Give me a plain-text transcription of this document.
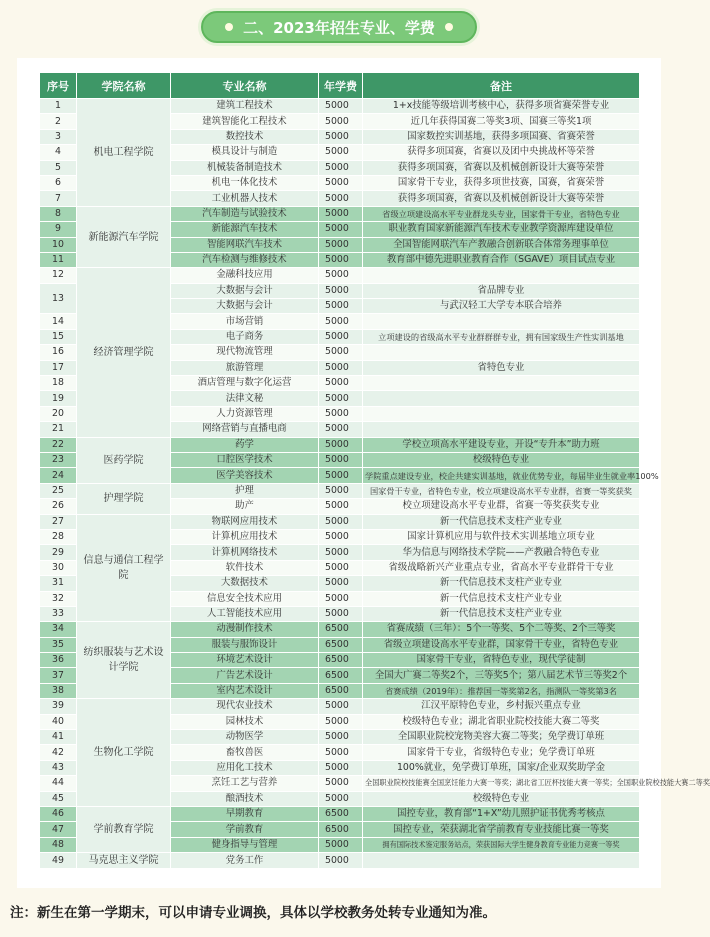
二、2023年招生专业、学费
序号	学院名称	专业名称	年学费	备注
1	机电工程学院	建筑工程技术	5000	1+x技能等级培训考核中心，获得多项省赛荣誉专业
2		建筑智能化工程技术	5000	近几年获得国赛二等奖3项、国赛三等奖1项
3		数控技术	5000	国家数控实训基地，获得多项国赛、省赛荣誉
4		模具设计与制造	5000	获得多项国赛，省赛以及团中央挑战杯等荣誉
5		机械装备制造技术	5000	获得多项国赛，省赛以及机械创新设计大赛等荣誉
6		机电一体化技术	5000	国家骨干专业，获得多项世技赛，国赛，省赛荣誉
7		工业机器人技术	5000	获得多项国赛，省赛以及机械创新设计大赛等荣誉
8	新能源汽车学院	汽车制造与试验技术	5000	省级立项建设高水平专业群龙头专业，国家骨干专业，省特色专业
9		新能源汽车技术	5000	职业教育国家新能源汽车技术专业教学资源库建设单位
10		智能网联汽车技术	5000	全国智能网联汽车产教融合创新联合体常务理事单位
11		汽车检测与维修技术	5000	教育部中德先进职业教育合作（SGAVE）项目试点专业
12	经济管理学院	金融科技应用	5000	
13		大数据与会计	5000	省品牌专业
		大数据与会计	5000	与武汉轻工大学专本联合培养
14		市场营销	5000	
15		电子商务	5000	立项建设的省级高水平专业群群群专业，拥有国家级生产性实训基地
16		现代物流管理	5000	
17		旅游管理	5000	省特色专业
18		酒店管理与数字化运营	5000	
19		法律文秘	5000	
20		人力资源管理	5000	
21		网络营销与直播电商	5000	
22	医药学院	药学	5000	学校立项高水平建设专业，开设“专升本”助力班
23		口腔医学技术	5000	校级特色专业
24		医学美容技术	5000	学院重点建设专业，校企共建实训基地，就业优势专业，每届毕业生就业率100%
25	护理学院	护理	5000	国家骨干专业，省特色专业，校立项建设高水平专业群，省赛一等奖获奖
26		助产	5000	校立项建设高水平专业群，省赛一等奖获奖专业
27	信息与通信工程学院	物联网应用技术	5000	新一代信息技术支柱产业专业
28		计算机应用技术	5000	国家计算机应用与软件技术实训基地立项专业
29		计算机网络技术	5000	华为信息与网络技术学院——产教融合特色专业
30		软件技术	5000	省级战略新兴产业重点专业，省高水平专业群骨干专业
31		大数据技术	5000	新一代信息技术支柱产业专业
32		信息安全技术应用	5000	新一代信息技术支柱产业专业
33		人工智能技术应用	5000	新一代信息技术支柱产业专业
34	纺织服装与艺术设计学院	动漫制作技术	6500	省赛成绩（三年）：5个一等奖、5个二等奖、2个三等奖
35		服装与服饰设计	6500	省级立项建设高水平专业群，国家骨干专业，省特色专业
36		环境艺术设计	6500	国家骨干专业，省特色专业，现代学徒制
37		广告艺术设计	6500	全国大广赛二等奖2个，三等奖5个；第八届艺术节三等奖2个
38		室内艺术设计	6500	省赛成绩（2019年）：推荐国一等奖第2名，指测队一等奖第3名
39	生物化工学院	现代农业技术	5000	江汉平原特色专业，乡村振兴重点专业
40		园林技术	5000	校级特色专业；湖北省职业院校技能大赛二等奖
41		动物医学	5000	全国职业院校宠物美容大赛二等奖；免学费订单班
42		畜牧兽医	5000	国家骨干专业，省级特色专业；免学费订单班
43		应用化工技术	5000	100%就业，免学费订单班，国家/企业双奖助学金
44		烹饪工艺与营养	5000	全国职业院校技能赛全国烹饪能力大赛一等奖；湖北省工匠杯技能大赛一等奖；全国职业院校技能大赛二等奖
45		酿酒技术	5000	校级特色专业
46	学前教育学院	早期教育	6500	国控专业，教育部“1+X”幼儿照护证书优秀考核点
47		学前教育	6500	国控专业，荣获湖北省学前教育专业技能比赛一等奖
48		健身指导与管理	5000	拥有国际技术鉴定服务站点，荣获国际大学生健身教育专业能力竞赛一等奖
49	马克思主义学院	党务工作	5000	
注：新生在第一学期末，可以申请专业调换，具体以学校教务处转专业通知为准。
